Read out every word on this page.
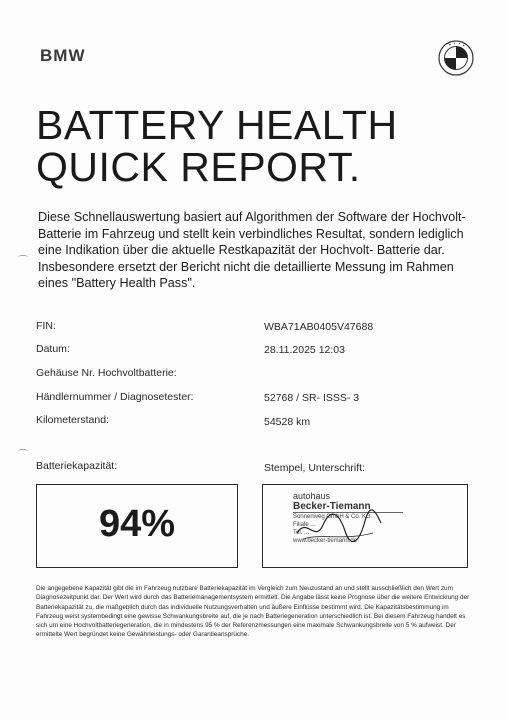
BMW
BATTERY HEALTH
QUICK REPORT.

Diese Schnellauswertung basiert auf Algorithmen der Software der Hochvolt- Batterie im Fahrzeug und stellt kein verbindliches Resultat, sondern lediglich eine Indikation über die aktuelle Restkapazität der Hochvolt- Batterie dar. Insbesondere ersetzt der Bericht nicht die detaillierte Messung im Rahmen eines "Battery Health Pass".

⌒
FIN:	WBA71AB0405V47688
Datum:	28.11.2025 12:03
Gehäuse Nr. Hochvoltbatterie:
Händlernummer / Diagnosetester:	52768 / SR- ISSS- 3
Kilometerstand:	54528 km
⌒
Batteriekapazität:	Stempel, Unterschrift:
94%
autohaus
Becker-Tiemann
Sonnenweg GmbH & Co. KG
Filiale ...
Tel. ...
www.becker-tiemann.de

Die angegebene Kapazität gibt die im Fahrzeug nutzbare Batteriekapazität im Vergleich zum Neuzustand an und stellt ausschließlich den Wert zum Diagnosezeitpunkt dar. Der Wert wird durch das Batteriemanagementsystem ermittelt. Die Angabe lässt keine Prognose über die weitere Entwicklung der Batteriekapazität zu, die maßgeblich durch das individuelle Nutzungsverhalten und äußere Einflüsse bestimmt wird. Die Kapazitätsbestimmung im Fahrzeug weist systembedingt eine gewisse Schwankungsbreite auf, die je nach Batteriegeneration unterschiedlich ist. Bei diesem Fahrzeug handelt es sich um eine Hochvoltbatteriegeneration, die in mindestens 95 % der Referenzmessungen eine maximale Schwankungsbreite von 5 % aufweist. Der ermittelte Wert begründet keine Gewährleistungs- oder Garantieansprüche.
